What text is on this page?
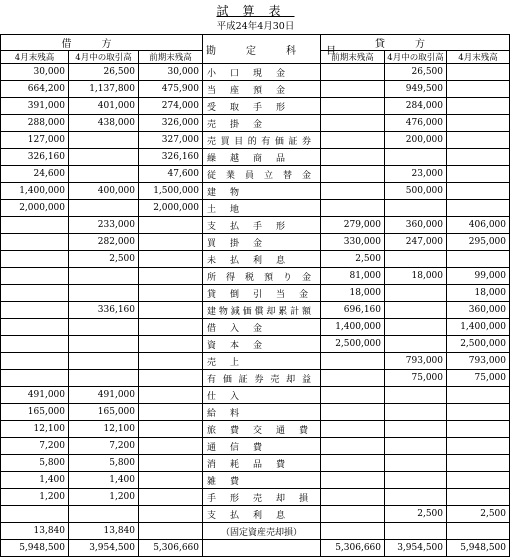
試算表
平成24年4月30日
借方			勘定科目	貸方		
4月末残高	4月中の取引高	前期末残高		前期末残高	4月中の取引高	4月末残高
30,000	26,500	30,000	小口現金		26,500	
664,200	1,137,800	475,900	当座預金		949,500	
391,000	401,000	274,000	受取手形		284,000	
288,000	438,000	326,000	売掛金		476,000	
127,000		327,000	売買目的有価証券		200,000	
326,160		326,160	繰越商品			
24,600		47,600	従業員立替金		23,000	
1,400,000	400,000	1,500,000	建物		500,000	
2,000,000		2,000,000	土地			
	233,000		支払手形	279,000	360,000	406,000
	282,000		買掛金	330,000	247,000	295,000
	2,500		未払利息	2,500		
			所得税預り金	81,000	18,000	99,000
			貸倒引当金	18,000		18,000
	336,160		建物減価償却累計額	696,160		360,000
			借入金	1,400,000		1,400,000
			資本金	2,500,000		2,500,000
			売上		793,000	793,000
			有価証券売却益		75,000	75,000
491,000	491,000		仕入			
165,000	165,000		給料			
12,100	12,100		旅費交通費			
7,200	7,200		通信費			
5,800	5,800		消耗品費			
1,400	1,400		雑費			
1,200	1,200		手形売却損			
			支払利息		2,500	2,500
13,840	13,840		（固定資産売却損）			
5,948,500	3,954,500	5,306,660		5,306,660	3,954,500	5,948,500
